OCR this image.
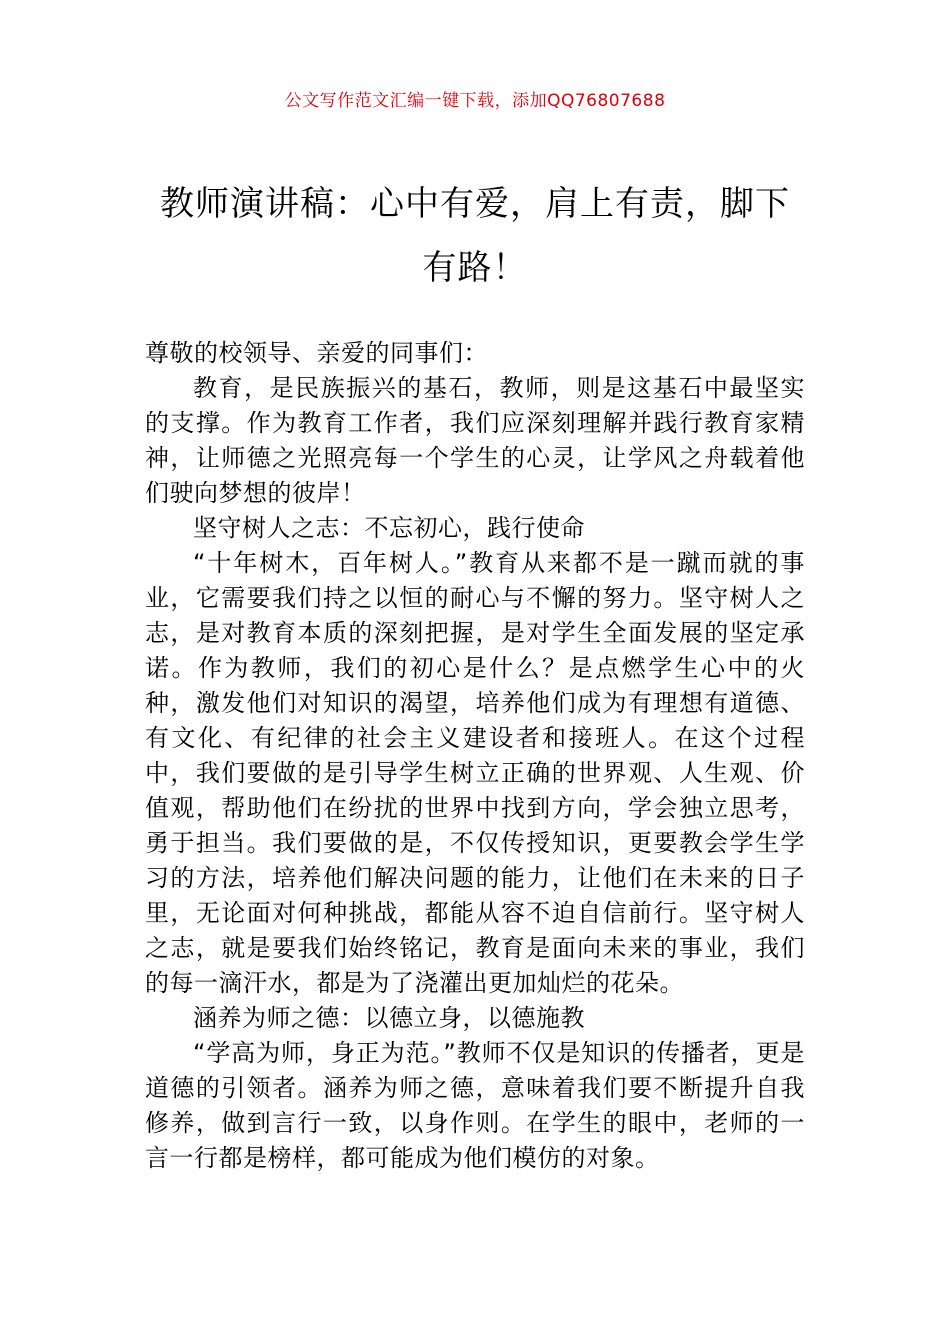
公文写作范文汇编一键下载，添加QQ76807688
教师演讲稿：心中有爱，肩上有责，脚下有路！

尊敬的校领导、亲爱的同事们：

教育，是民族振兴的基石，教师，则是这基石中最坚实的支撑。作为教育工作者，我们应深刻理解并践行教育家精神，让师德之光照亮每一个学生的心灵，让学风之舟载着他们驶向梦想的彼岸！

坚守树人之志：不忘初心，践行使命

“十年树木，百年树人。”教育从来都不是一蹴而就的事业，它需要我们持之以恒的耐心与不懈的努力。坚守树人之志，是对教育本质的深刻把握，是对学生全面发展的坚定承诺。作为教师，我们的初心是什么？是点燃学生心中的火种，激发他们对知识的渴望，培养他们成为有理想有道德、有文化、有纪律的社会主义建设者和接班人。在这个过程中，我们要做的是引导学生树立正确的世界观、人生观、价值观，帮助他们在纷扰的世界中找到方向，学会独立思考，勇于担当。我们要做的是，不仅传授知识，更要教会学生学习的方法，培养他们解决问题的能力，让他们在未来的日子里，无论面对何种挑战，都能从容不迫自信前行。坚守树人之志，就是要我们始终铭记，教育是面向未来的事业，我们的每一滴汗水，都是为了浇灌出更加灿烂的花朵。

涵养为师之德：以德立身，以德施教

“学高为师，身正为范。”教师不仅是知识的传播者，更是道德的引领者。涵养为师之德，意味着我们要不断提升自我修养，做到言行一致，以身作则。在学生的眼中，老师的一言一行都是榜样，都可能成为他们模仿的对象。
